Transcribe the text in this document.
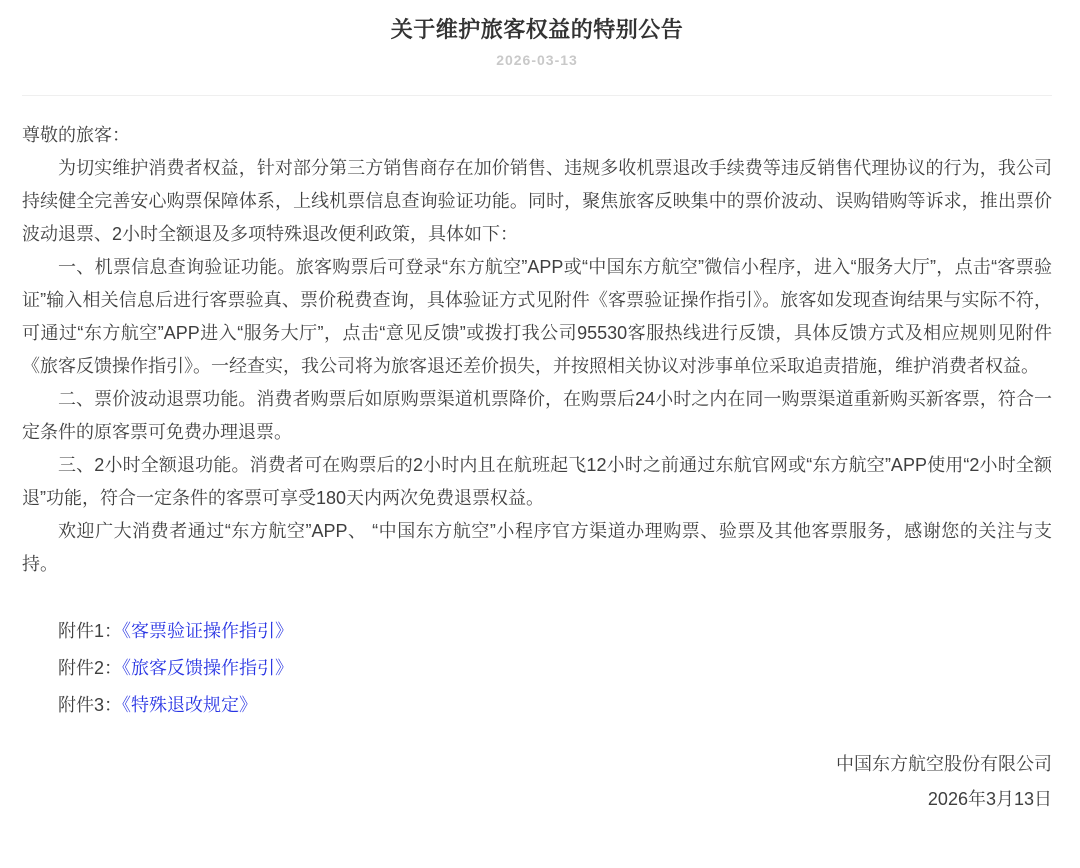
关于维护旅客权益的特别公告
2026-03-13

尊敬的旅客：

为切实维护消费者权益，针对部分第三方销售商存在加价销售、违规多收机票退改手续费等违反销售代理协议的行为，我公司持续健全完善安心购票保障体系，上线机票信息查询验证功能。同时，聚焦旅客反映集中的票价波动、误购错购等诉求，推出票价波动退票、2小时全额退及多项特殊退改便利政策，具体如下：

一、机票信息查询验证功能。旅客购票后可登录“东方航空”APP或“中国东方航空”微信小程序，进入“服务大厅”，点击“客票验证”输入相关信息后进行客票验真、票价税费查询，具体验证方式见附件《客票验证操作指引》。旅客如发现查询结果与实际不符，可通过“东方航空”APP进入“服务大厅”，点击“意见反馈”或拨打我公司95530客服热线进行反馈，具体反馈方式及相应规则见附件《旅客反馈操作指引》。一经查实，我公司将为旅客退还差价损失，并按照相关协议对涉事单位采取追责措施，维护消费者权益。

二、票价波动退票功能。消费者购票后如原购票渠道机票降价，在购票后24小时之内在同一购票渠道重新购买新客票，符合一定条件的原客票可免费办理退票。

三、2小时全额退功能。消费者可在购票后的2小时内且在航班起飞12小时之前通过东航官网或“东方航空”APP使用“2小时全额退”功能，符合一定条件的客票可享受180天内两次免费退票权益。

欢迎广大消费者通过“东方航空”APP、 “中国东方航空”小程序官方渠道办理购票、验票及其他客票服务，感谢您的关注与支持。

附件1：《客票验证操作指引》

附件2：《旅客反馈操作指引》

附件3：《特殊退改规定》

中国东方航空股份有限公司
2026年3月13日
